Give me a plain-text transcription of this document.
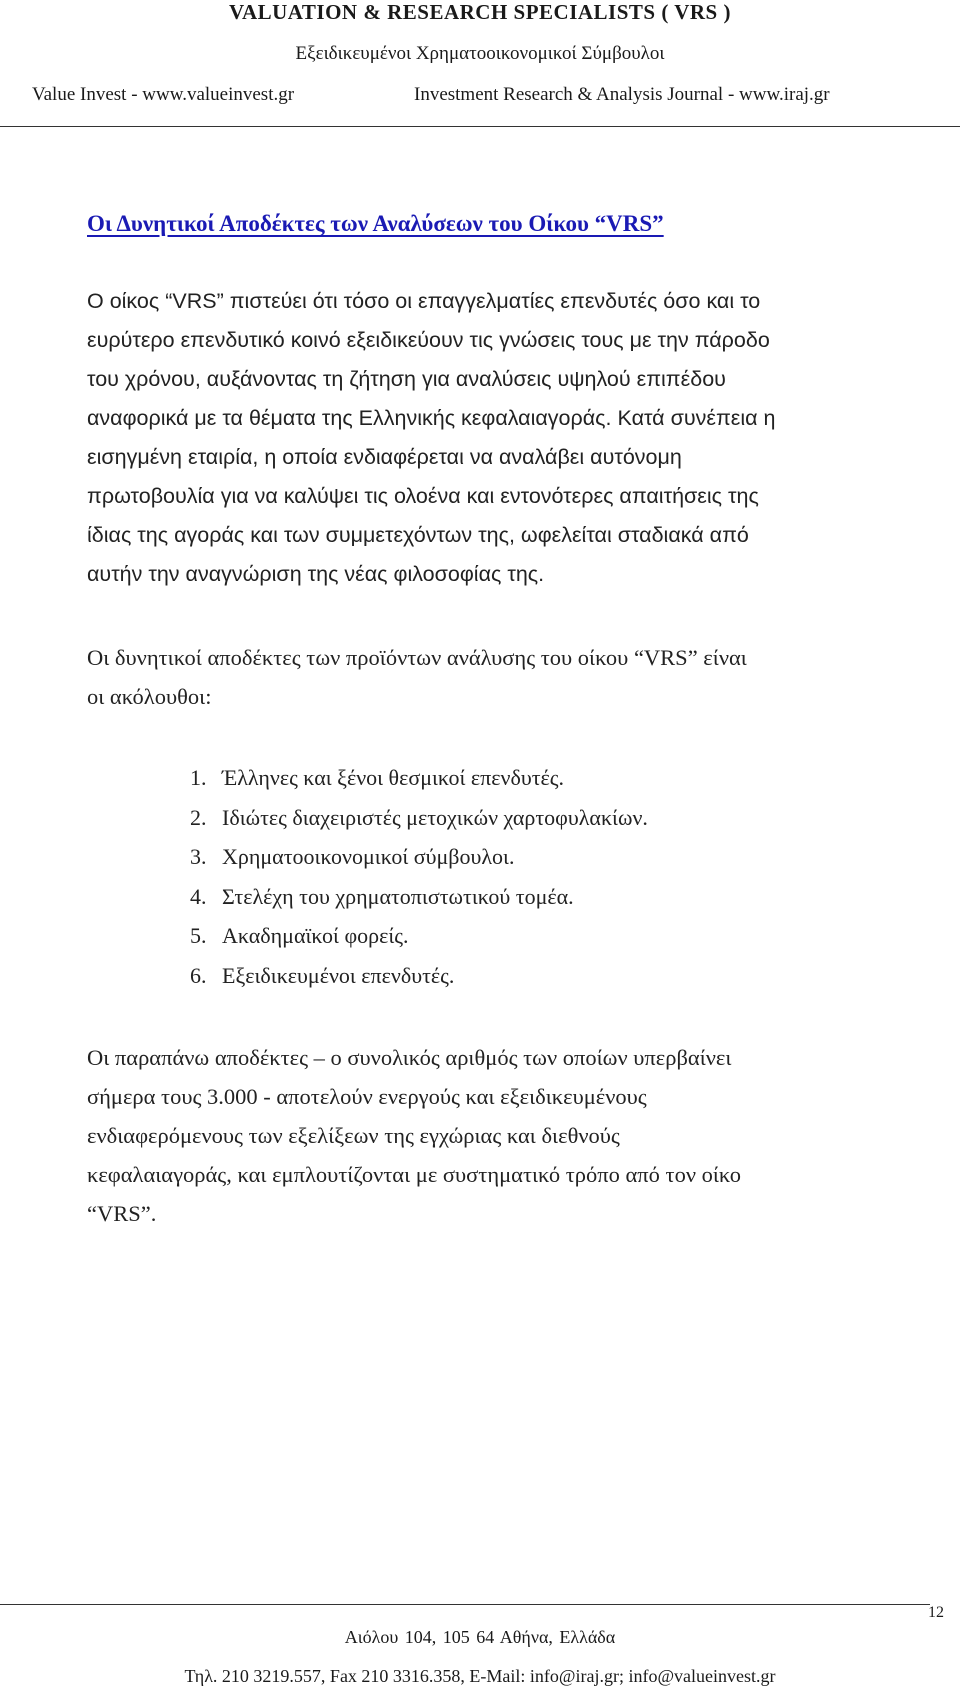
VALUATION & RESEARCH SPECIALISTS ( VRS )
Εξειδικευμένοι Χρηματοοικονομικοί Σύμβουλοι
Value Invest - www.valueinvest.gr	Investment Research & Analysis Journal - www.iraj.gr
Οι Δυνητικοί Αποδέκτες των Αναλύσεων του Οίκου “VRS”
Ο οίκος “VRS” πιστεύει ότι τόσο οι επαγγελματίες επενδυτές όσο και το
ευρύτερο επενδυτικό κοινό εξειδικεύουν τις γνώσεις τους με την πάροδο
του χρόνου, αυξάνοντας τη ζήτηση για αναλύσεις υψηλού επιπέδου
αναφορικά με τα θέματα της Ελληνικής κεφαλαιαγοράς. Κατά συνέπεια η
εισηγμένη εταιρία, η οποία ενδιαφέρεται να αναλάβει αυτόνομη
πρωτοβουλία για να καλύψει τις ολοένα και εντονότερες απαιτήσεις της
ίδιας της αγοράς και των συμμετεχόντων της, ωφελείται σταδιακά από
αυτήν την αναγνώριση της νέας φιλοσοφίας της.
Οι δυνητικοί αποδέκτες των προϊόντων ανάλυσης του οίκου “VRS” είναι
οι ακόλουθοι:
1. Έλληνες και ξένοι θεσμικοί επενδυτές.
2. Ιδιώτες διαχειριστές μετοχικών χαρτοφυλακίων.
3. Χρηματοοικονομικοί σύμβουλοι.
4. Στελέχη του χρηματοπιστωτικού τομέα.
5. Ακαδημαϊκοί φορείς.
6. Εξειδικευμένοι επενδυτές.
Οι παραπάνω αποδέκτες – ο συνολικός αριθμός των οποίων υπερβαίνει
σήμερα τους 3.000 - αποτελούν ενεργούς και εξειδικευμένους
ενδιαφερόμενους των εξελίξεων της εγχώριας και διεθνούς
κεφαλαιαγοράς, και εμπλουτίζονται με συστηματικό τρόπο από τον οίκο
“VRS”.
12
Αιόλου 104, 105 64 Αθήνα, Ελλάδα
Τηλ. 210 3219.557, Fax 210 3316.358, E-Mail: info@iraj.gr; info@valueinvest.gr
